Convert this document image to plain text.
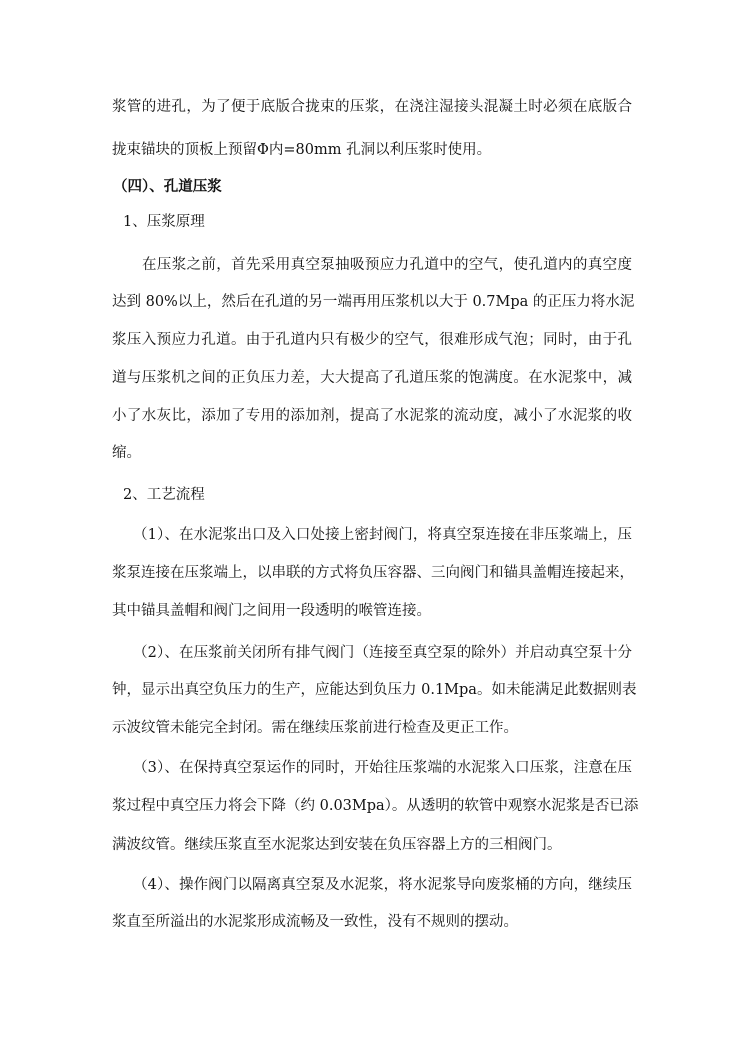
浆管的进孔，为了便于底版合拢束的压浆，在浇注湿接头混凝土时必须在底版合
拢束锚块的顶板上预留Φ内=80mm 孔洞以利压浆时使用。
（四）、孔道压浆
1、压浆原理
在压浆之前，首先采用真空泵抽吸预应力孔道中的空气，使孔道内的真空度
达到 80%以上，然后在孔道的另一端再用压浆机以大于 0.7Mpa 的正压力将水泥
浆压入预应力孔道。由于孔道内只有极少的空气，很难形成气泡；同时，由于孔
道与压浆机之间的正负压力差，大大提高了孔道压浆的饱满度。在水泥浆中，减
小了水灰比，添加了专用的添加剂，提高了水泥浆的流动度，减小了水泥浆的收
缩。
2、工艺流程
（1）、在水泥浆出口及入口处接上密封阀门，将真空泵连接在非压浆端上，压
浆泵连接在压浆端上，以串联的方式将负压容器、三向阀门和锚具盖帽连接起来，
其中锚具盖帽和阀门之间用一段透明的喉管连接。
（2）、在压浆前关闭所有排气阀门（连接至真空泵的除外）并启动真空泵十分
钟，显示出真空负压力的生产，应能达到负压力 0.1Mpa。如未能满足此数据则表
示波纹管未能完全封闭。需在继续压浆前进行检查及更正工作。
（3）、在保持真空泵运作的同时，开始往压浆端的水泥浆入口压浆，注意在压
浆过程中真空压力将会下降（约 0.03Mpa）。从透明的软管中观察水泥浆是否已添
满波纹管。继续压浆直至水泥浆达到安装在负压容器上方的三相阀门。
（4）、操作阀门以隔离真空泵及水泥浆，将水泥浆导向废浆桶的方向，继续压
浆直至所溢出的水泥浆形成流畅及一致性，没有不规则的摆动。
